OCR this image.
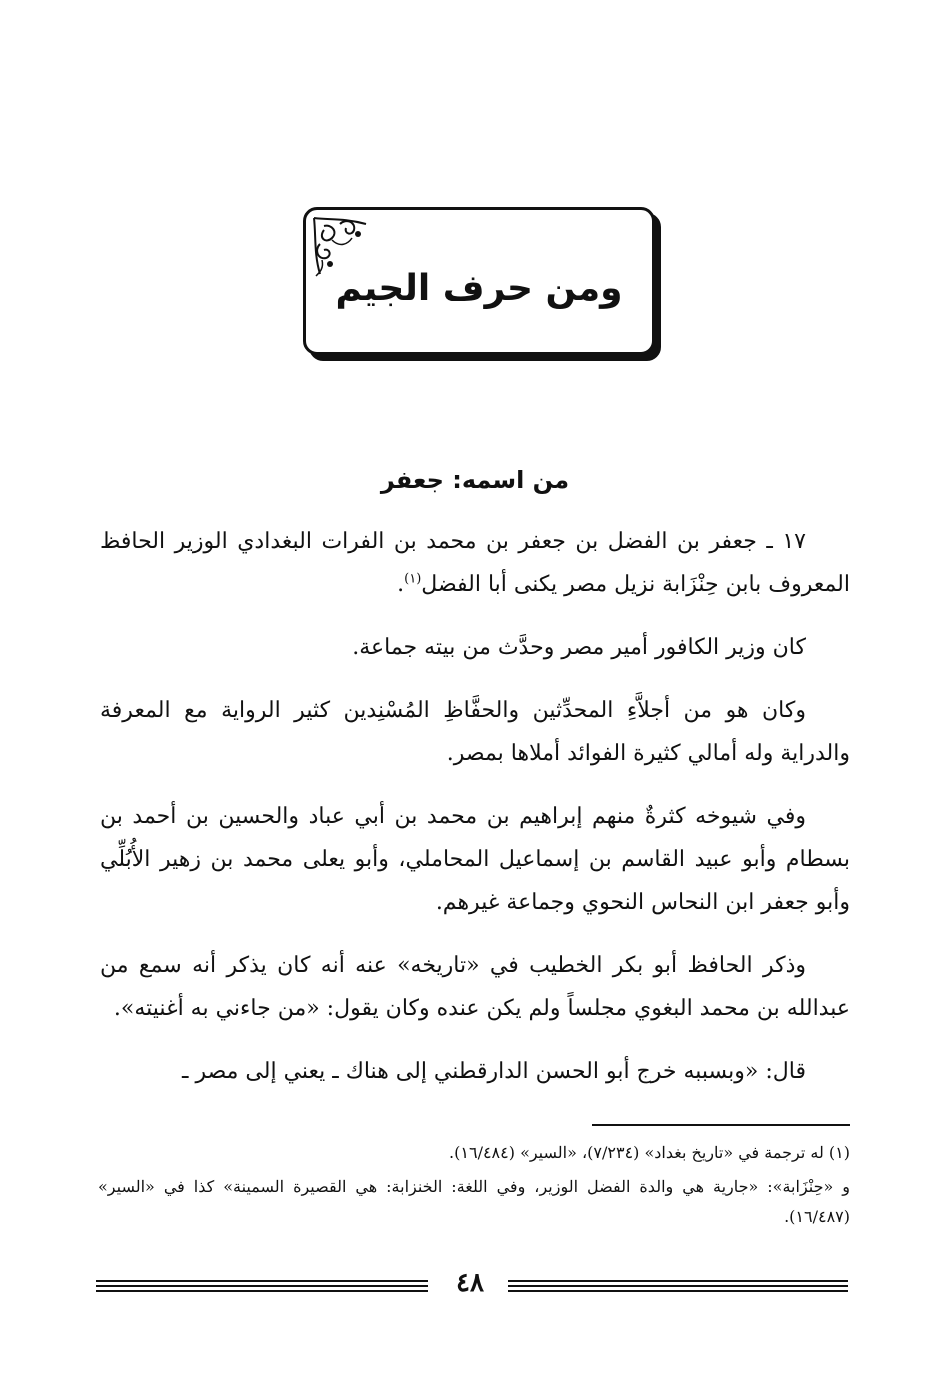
ومن حرف الجيم
من اسمه: جعفر

١٧ ـ جعفر بن الفضل بن جعفر بن محمد بن الفرات البغدادي الوزير الحافظ المعروف بابن حِنْزَابة نزيل مصر يكنى أبا الفضل$^{(١)}$.

كان وزير الكافور أمير مصر وحدَّث من بيته جماعة.

وكان هو من أجلاَّءِ المحدِّثين والحفَّاظِ المُسْنِدين كثير الرواية مع المعرفة والدراية وله أمالي كثيرة الفوائد أملاها بمصر.

وفي شيوخه كثرةٌ منهم إبراهيم بن محمد بن أبي عباد والحسين بن أحمد بن بسطام وأبو عبيد القاسم بن إسماعيل المحاملي، وأبو يعلى محمد بن زهير الأُبُلِّي وأبو جعفر ابن النحاس النحوي وجماعة غيرهم.

وذكر الحافظ أبو بكر الخطيب في «تاريخه» عنه أنه كان يذكر أنه سمع من عبدالله بن محمد البغوي مجلساً ولم يكن عنده وكان يقول: «من جاءني به أغنيته».

قال: «وبسببه خرج أبو الحسن الدارقطني إلى هناك ـ يعني إلى مصر ـ

(١) له ترجمة في «تاريخ بغداد» (٧/٢٣٤)، «السير» (١٦/٤٨٤).

و «حِنْزَابة»: «جارية هي والدة الفضل الوزير، وفي اللغة: الخنزابة: هي القصيرة السمينة» كذا في «السير» (١٦/٤٨٧).

٤٨
